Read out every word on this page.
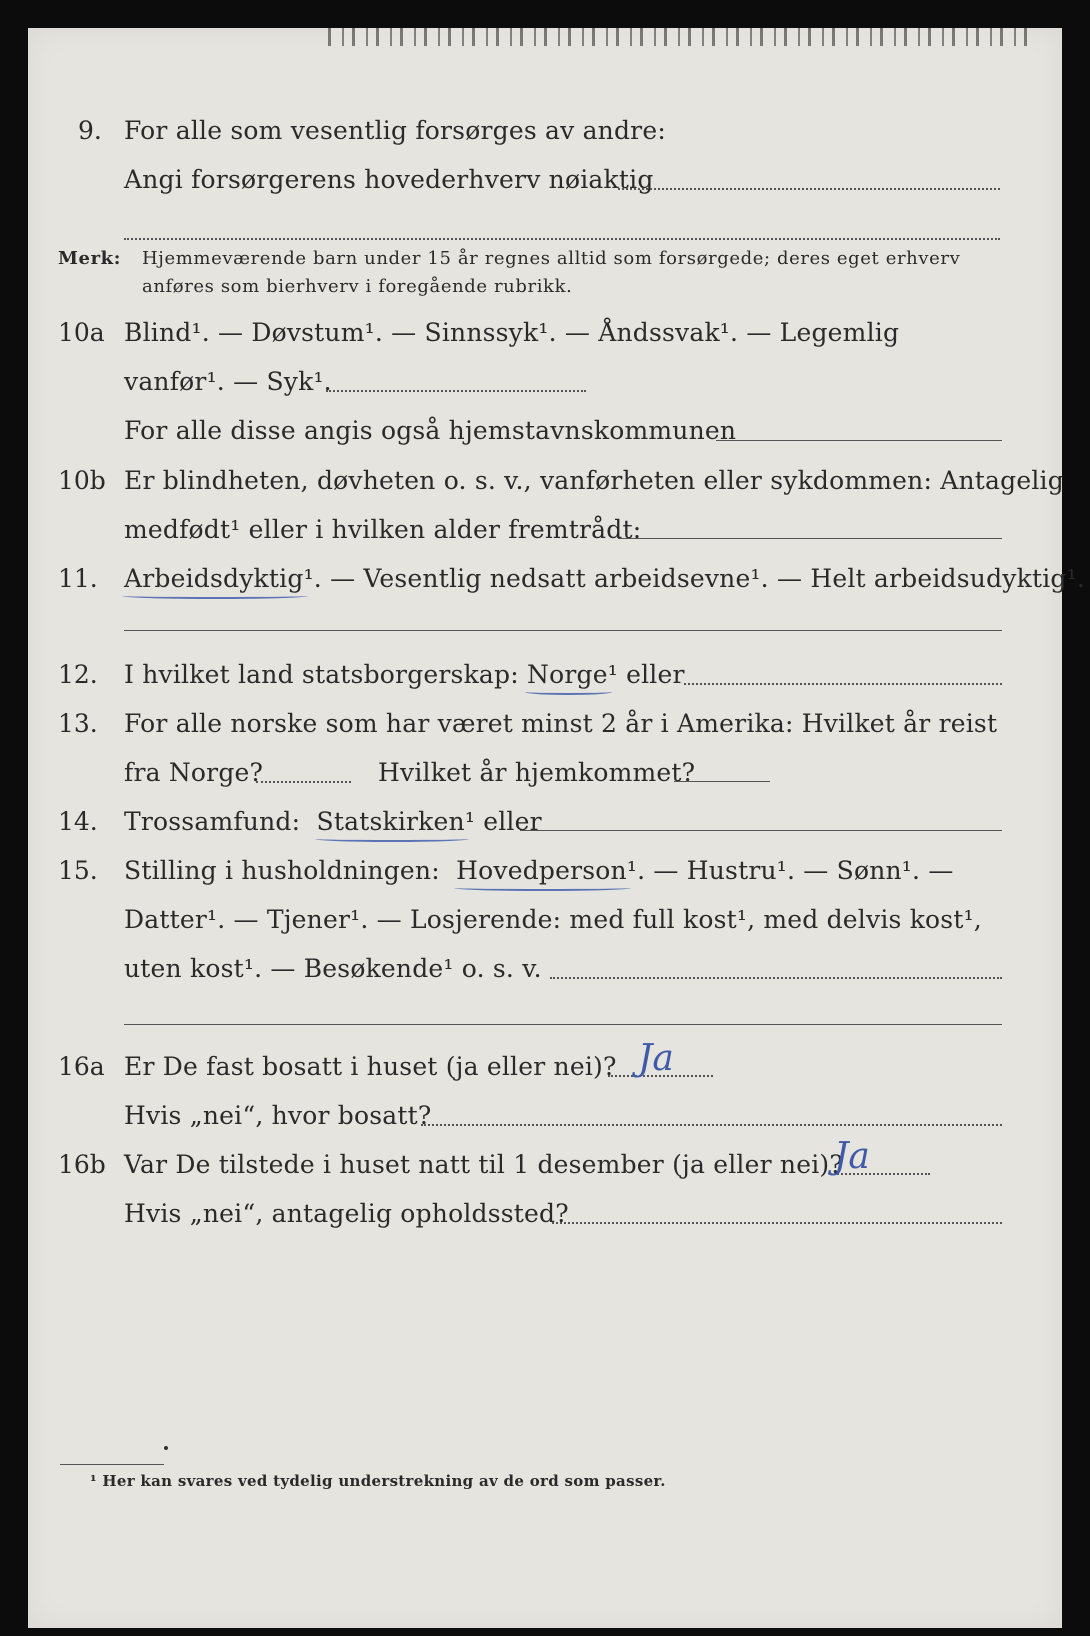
9. For alle som vesentlig forsørges av andre:
Angi forsørgerens hovederhverv nøiaktig
Merk: Hjemmeværende barn under 15 år regnes alltid som forsørgede; deres eget erhverv
anføres som bierhverv i foregående rubrikk.
10a Blind¹. — Døvstum¹. — Sinnssyk¹. — Åndssvak¹. — Legemlig
vanfør¹. — Syk¹.
For alle disse angis også hjemstavnskommunen
10b Er blindheten, døvheten o. s. v., vanførheten eller sykdommen: Antagelig
medfødt¹ eller i hvilken alder fremtrådt:
11. Arbeidsdyktig¹. — Vesentlig nedsatt arbeidsevne¹. — Helt arbeidsudyktig¹.
12. I hvilket land statsborgerskap: Norge¹ eller
13. For alle norske som har været minst 2 år i Amerika: Hvilket år reist
fra Norge?	Hvilket år hjemkommet?
14. Trossamfund: Statskirken¹ eller
15. Stilling i husholdningen: Hovedperson¹. — Hustru¹. — Sønn¹. —
Datter¹. — Tjener¹. — Losjerende: med full kost¹, med delvis kost¹,
uten kost¹. — Besøkende¹ o. s. v.
16a Er De fast bosatt i huset (ja eller nei)? Ja
Hvis „nei“, hvor bosatt?
16b Var De tilstede i huset natt til 1 desember (ja eller nei)?
Ja
Hvis „nei“, antagelig opholdssted?
¹ Her kan svares ved tydelig understrekning av de ord som passer.
